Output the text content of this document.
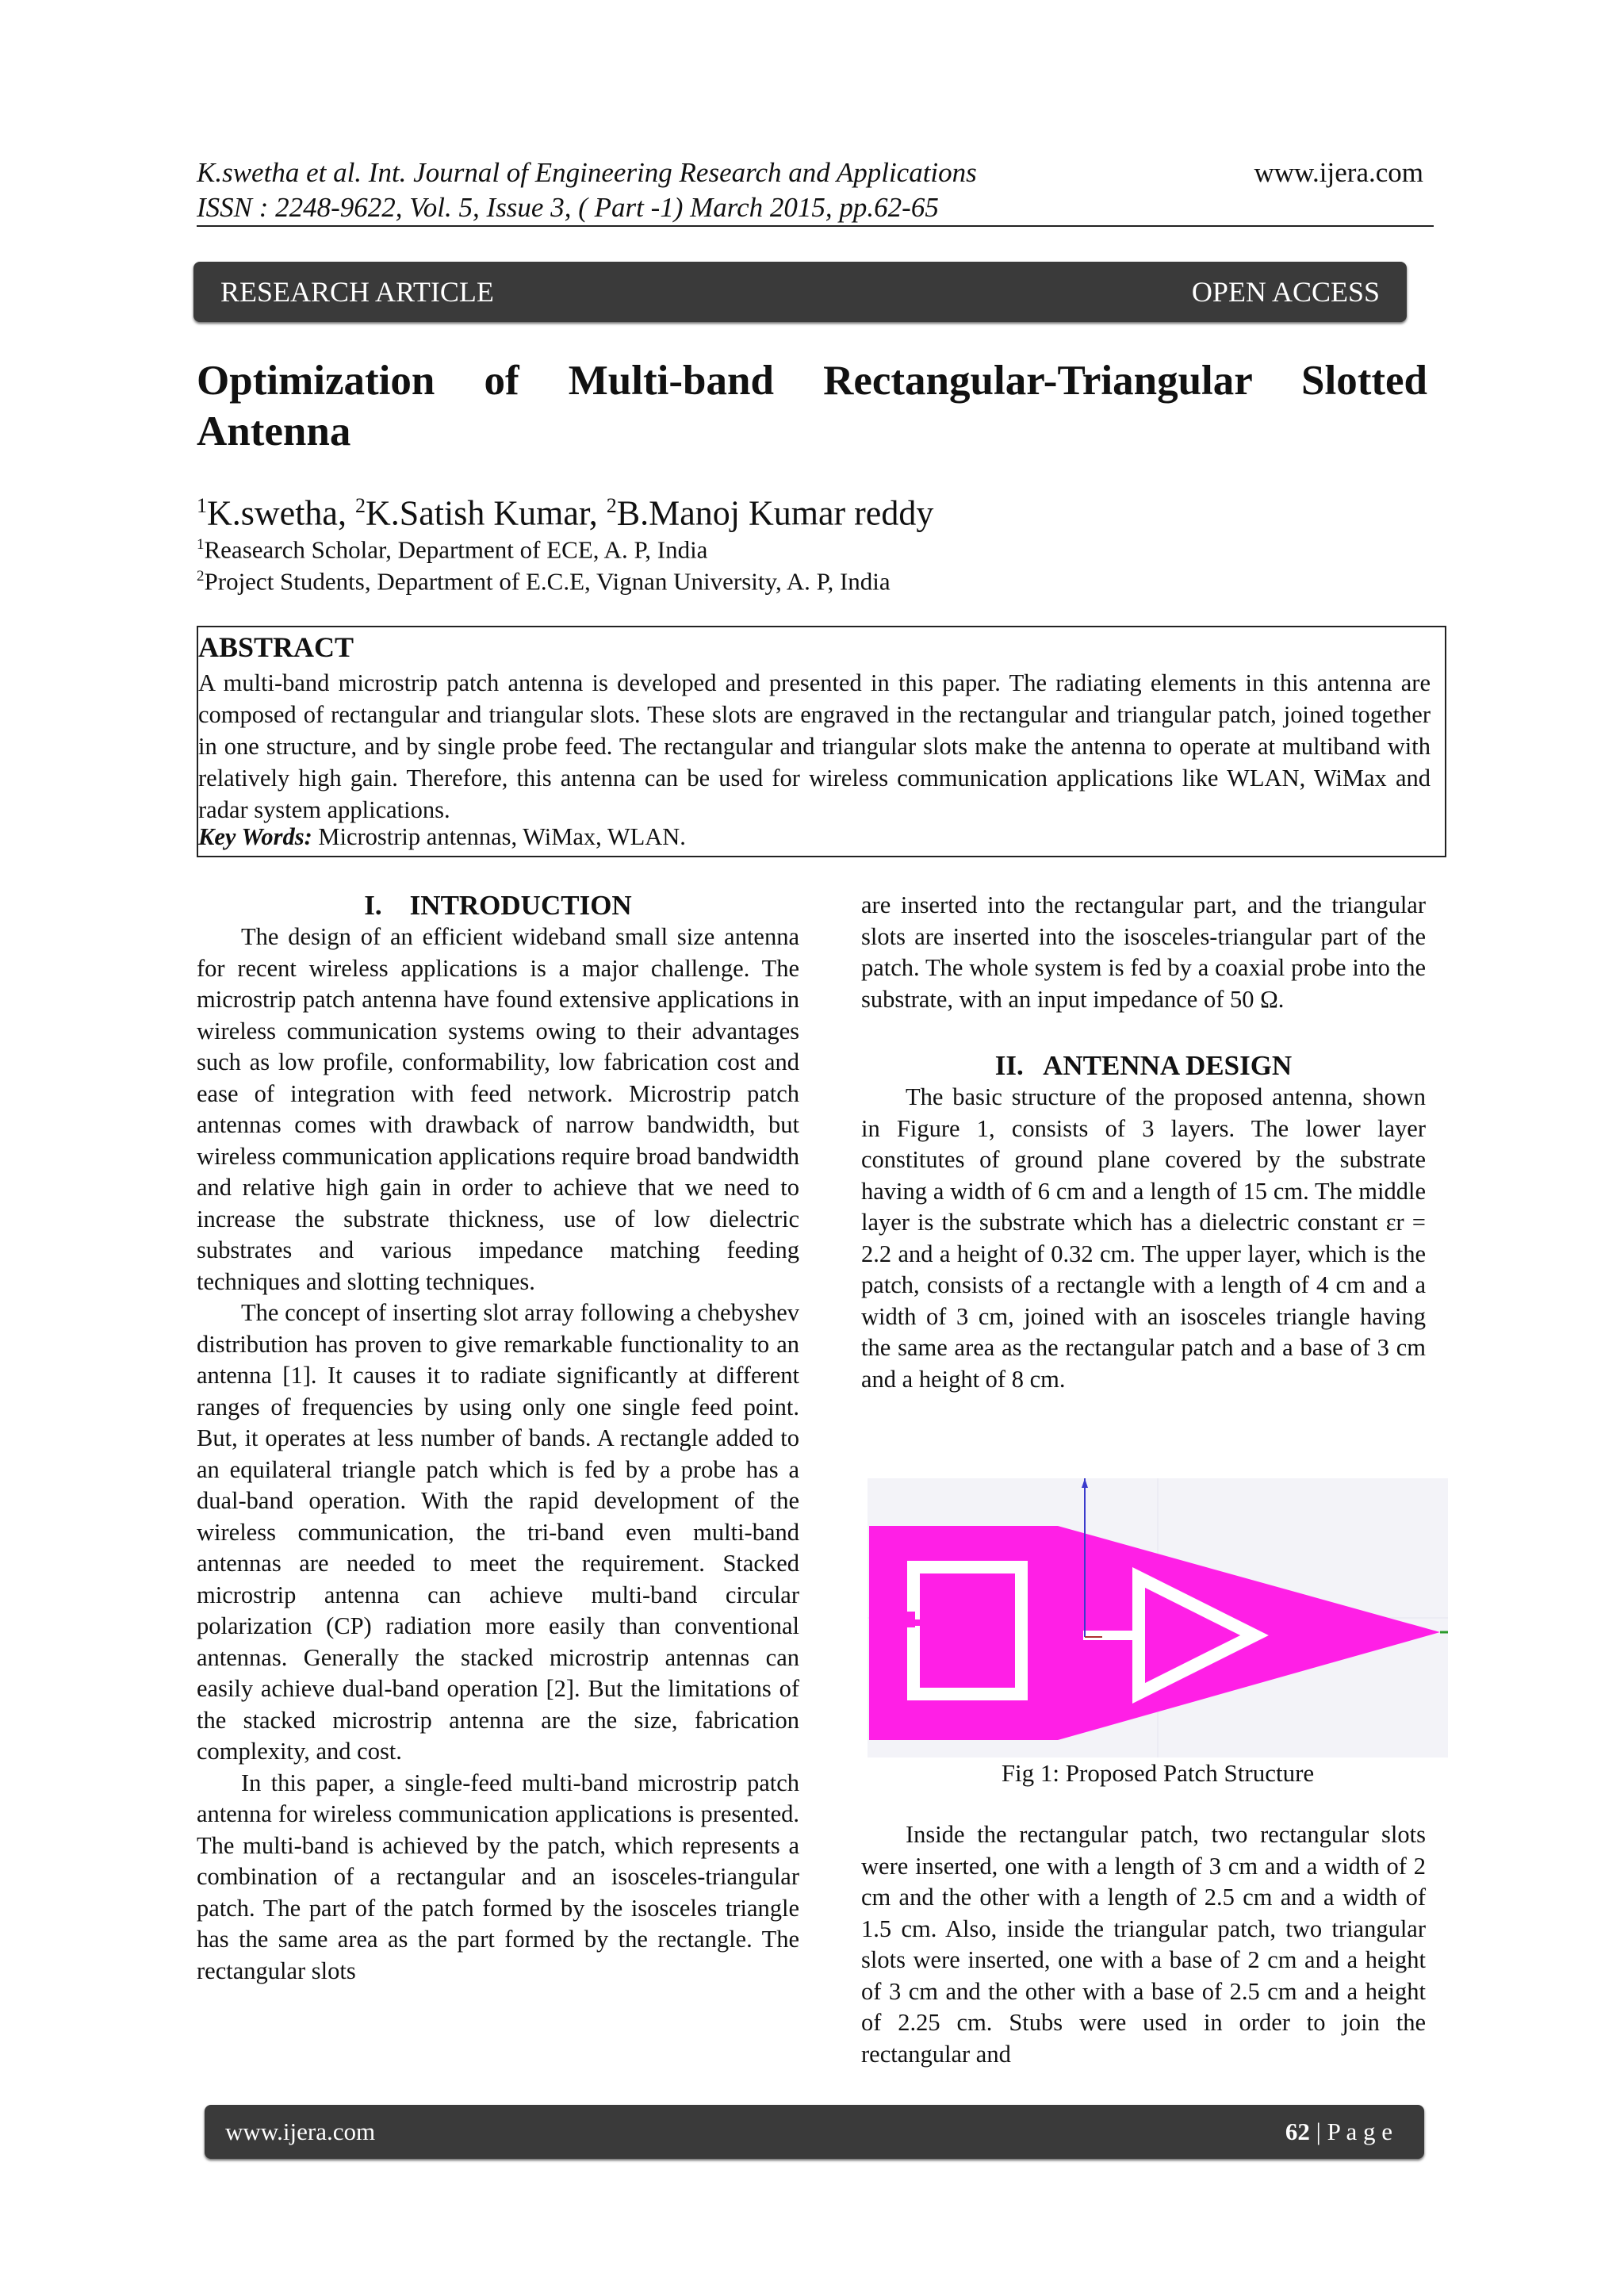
K.swetha et al. Int. Journal of Engineering Research and Applications
ISSN : 2248-9622, Vol. 5, Issue 3, ( Part -1) March 2015, pp.62-65
www.ijera.com
RESEARCH ARTICLE	OPEN ACCESS
Optimization of Multi-band Rectangular-Triangular Slotted
Antenna
$^1$K.swetha, $^2$K.Satish Kumar, $^2$B.Manoj Kumar reddy
$^1$Reasearch Scholar, Department of ECE, A. P, India
$^2$Project Students, Department of E.C.E, Vignan University, A. P, India
ABSTRACT
A multi-band microstrip patch antenna is developed and presented in this paper. The radiating elements in this antenna are composed of rectangular and triangular slots. These slots are engraved in the rectangular and triangular patch, joined together in one structure, and by single probe feed. The rectangular and triangular slots make the antenna to operate at multiband with relatively high gain. Therefore, this antenna can be used for wireless communication applications like WLAN, WiMax and radar system applications.
Key Words: Microstrip antennas, WiMax, WLAN.
I.    INTRODUCTION

The design of an efficient wideband small size antenna for recent wireless applications is a major challenge. The microstrip patch antenna have found extensive applications in wireless communication systems owing to their advantages such as low profile, conformability, low fabrication cost and ease of integration with feed network. Microstrip patch antennas comes with drawback of narrow bandwidth, but wireless communication applications require broad bandwidth and relative high gain in order to achieve that we need to increase the substrate thickness, use of low dielectric substrates and various impedance matching feeding techniques and slotting techniques.

The concept of inserting slot array following a chebyshev distribution has proven to give remarkable functionality to an antenna [1]. It causes it to radiate significantly at different ranges of frequencies by using only one single feed point. But, it operates at less number of bands. A rectangle added to an equilateral triangle patch which is fed by a probe has a dual-band operation. With the rapid development of the wireless communication, the tri-band even multi-band antennas are needed to meet the requirement. Stacked microstrip antenna can achieve multi-band circular polarization (CP) radiation more easily than conventional antennas. Generally the stacked microstrip antennas can easily achieve dual-band operation [2]. But the limitations of the stacked microstrip antenna are the size, fabrication complexity, and cost.

In this paper, a single-feed multi-band microstrip patch antenna for wireless communication applications is presented. The multi-band is achieved by the patch, which represents a combination of a rectangular and an isosceles-triangular patch. The part of the patch formed by the isosceles triangle has the same area as the part formed by the rectangle. The rectangular slots

are inserted into the rectangular part, and the triangular slots are inserted into the isosceles-triangular part of the patch. The whole system is fed by a coaxial probe into the substrate, with an input impedance of 50 Ω.

II.   ANTENNA DESIGN

The basic structure of the proposed antenna, shown in Figure 1, consists of 3 layers. The lower layer constitutes of ground plane covered by the substrate having a width of 6 cm and a length of 15 cm. The middle layer is the substrate which has a dielectric constant εr = 2.2 and a height of 0.32 cm. The upper layer, which is the patch, consists of a rectangle with a length of 4 cm and a width of 3 cm, joined with an isosceles triangle having the same area as the rectangular patch and a base of 3 cm and a height of 8 cm.

Fig 1: Proposed Patch Structure

Inside the rectangular patch, two rectangular slots were inserted, one with a length of 3 cm and a width of 2 cm and the other with a length of 2.5 cm and a width of 1.5 cm. Also, inside the triangular patch, two triangular slots were inserted, one with a base of 2 cm and a height of 3 cm and the other with a base of 2.5 cm and a height of 2.25 cm. Stubs were used in order to join the rectangular and

www.ijera.com	62 | P a g e
